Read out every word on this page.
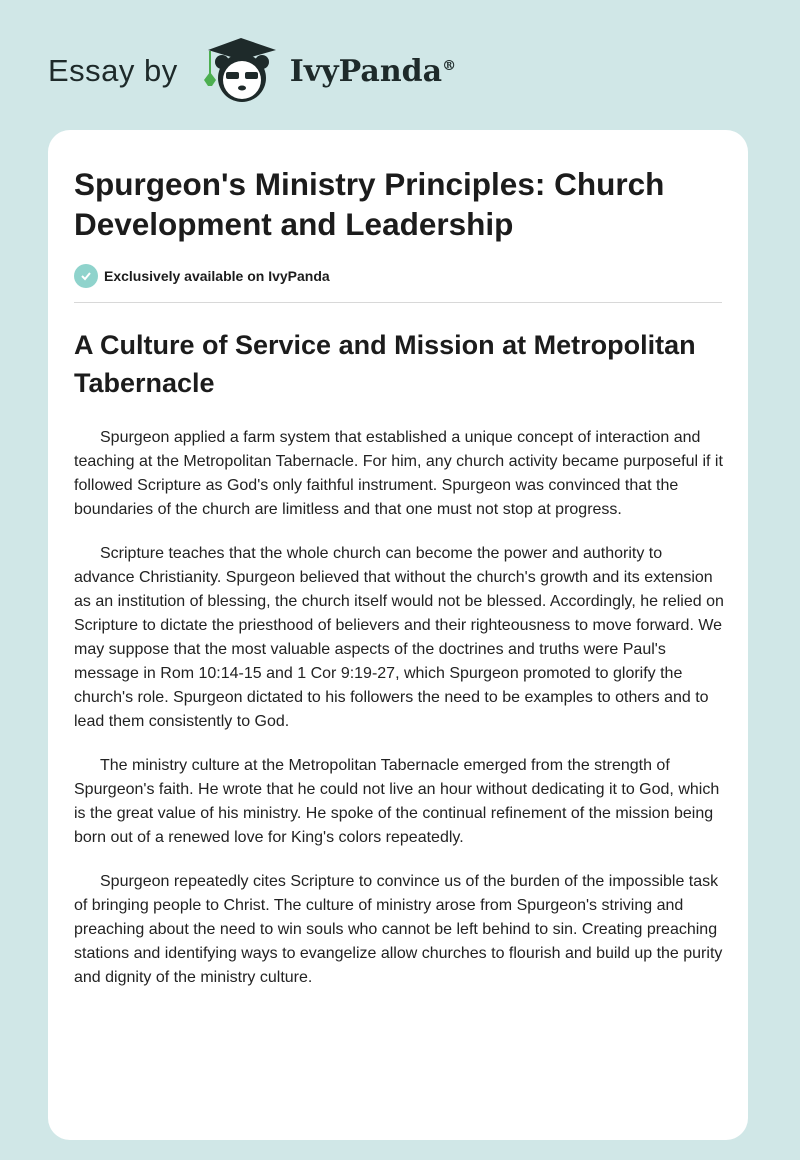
Essay by	IvyPanda®
Spurgeon's Ministry Principles: Church Development and Leadership
Exclusively available on IvyPanda
A Culture of Service and Mission at Metropolitan Tabernacle

Spurgeon applied a farm system that established a unique concept of interaction and teaching at the Metropolitan Tabernacle. For him, any church activity became purposeful if it followed Scripture as God's only faithful instrument. Spurgeon was convinced that the boundaries of the church are limitless and that one must not stop at progress.

Scripture teaches that the whole church can become the power and authority to advance Christianity. Spurgeon believed that without the church's growth and its extension as an institution of blessing, the church itself would not be blessed. Accordingly, he relied on Scripture to dictate the priesthood of believers and their righteousness to move forward. We may suppose that the most valuable aspects of the doctrines and truths were Paul's message in Rom 10:14-15 and 1 Cor 9:19-27, which Spurgeon promoted to glorify the church's role. Spurgeon dictated to his followers the need to be examples to others and to lead them consistently to God.

The ministry culture at the Metropolitan Tabernacle emerged from the strength of Spurgeon's faith. He wrote that he could not live an hour without dedicating it to God, which is the great value of his ministry. He spoke of the continual refinement of the mission being born out of a renewed love for King's colors repeatedly.

Spurgeon repeatedly cites Scripture to convince us of the burden of the impossible task of bringing people to Christ. The culture of ministry arose from Spurgeon's striving and preaching about the need to win souls who cannot be left behind to sin. Creating preaching stations and identifying ways to evangelize allow churches to flourish and build up the purity and dignity of the ministry culture.
